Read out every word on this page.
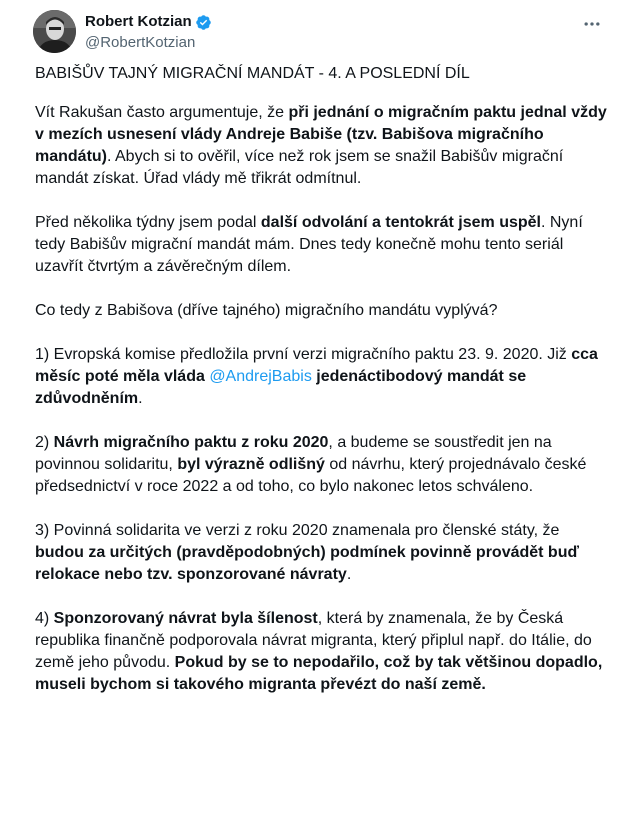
Robert Kotzian
@RobertKotzian
BABIŠŮV TAJNÝ MIGRAČNÍ MANDÁT - 4. A POSLEDNÍ DÍL
Vít Rakušan často argumentuje, že při jednání o migračním paktu jednal vždy v mezích usnesení vlády Andreje Babiše (tzv. Babišova migračního mandátu). Abych si to ověřil, více než rok jsem se snažil Babišův migrační mandát získat. Úřad vlády mě třikrát odmítnul.
Před několika týdny jsem podal další odvolání a tentokrát jsem uspěl. Nyní tedy Babišův migrační mandát mám. Dnes tedy konečně mohu tento seriál uzavřít čtvrtým a závěrečným dílem.
Co tedy z Babišova (dříve tajného) migračního mandátu vyplývá?
1) Evropská komise předložila první verzi migračního paktu 23. 9. 2020. Již cca měsíc poté měla vláda @AndrejBabis jedenáctibodový mandát se zdůvodněním.
2) Návrh migračního paktu z roku 2020, a budeme se soustředit jen na povinnou solidaritu, byl výrazně odlišný od návrhu, který projednávalo české předsednictví v roce 2022 a od toho, co bylo nakonec letos schváleno.
3) Povinná solidarita ve verzi z roku 2020 znamenala pro členské státy, že budou za určitých (pravděpodobných) podmínek povinně provádět buď relokace nebo tzv. sponzorované návraty.
4) Sponzorovaný návrat byla šílenost, která by znamenala, že by Česká republika finančně podporovala návrat migranta, který připlul např. do Itálie, do země jeho původu. Pokud by se to nepodařilo, což by tak většinou dopadlo, museli bychom si takového migranta převézt do naší země.
